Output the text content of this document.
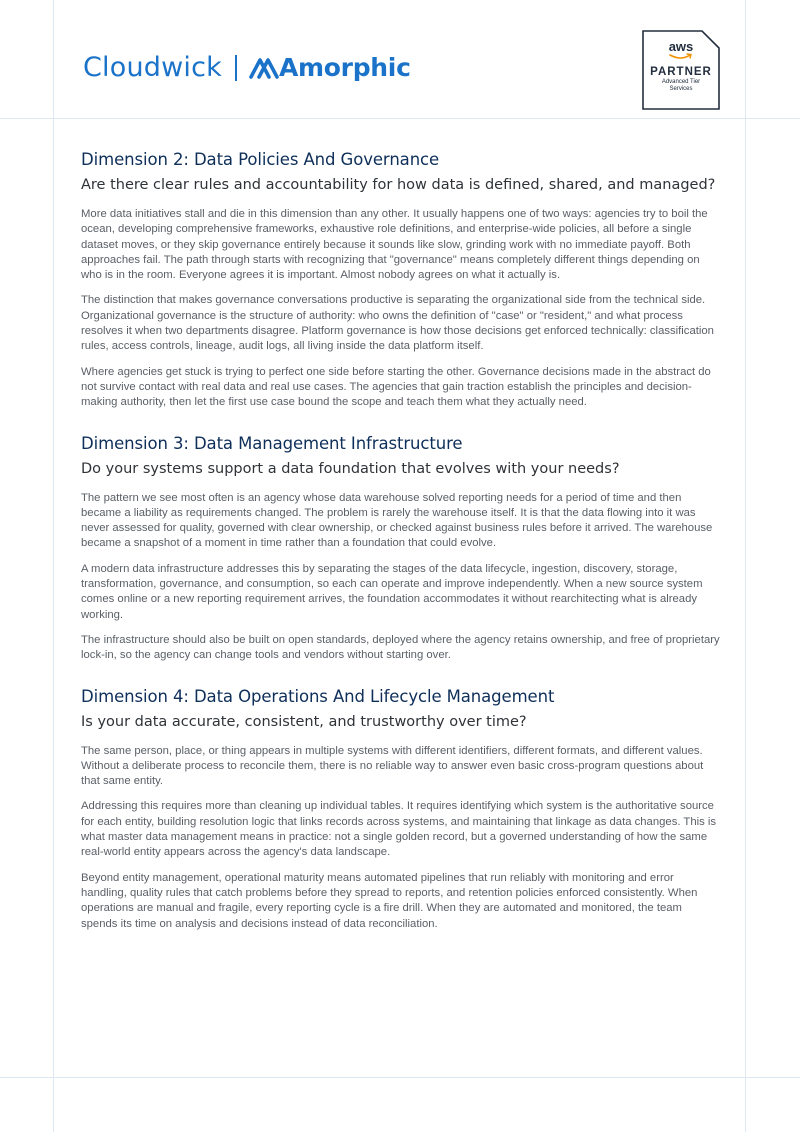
Cloudwick Amorphic
aws
PARTNER
Advanced Tier
Services
Dimension 2: Data Policies And Governance
Are there clear rules and accountability for how data is defined, shared, and managed?

More data initiatives stall and die in this dimension than any other. It usually happens one of two ways: agencies try to boil the ocean, developing comprehensive frameworks, exhaustive role definitions, and enterprise-wide policies, all before a single dataset moves, or they skip governance entirely because it sounds like slow, grinding work with no immediate payoff. Both approaches fail. The path through starts with recognizing that "governance" means completely different things depending on who is in the room. Everyone agrees it is important. Almost nobody agrees on what it actually is.

The distinction that makes governance conversations productive is separating the organizational side from the technical side. Organizational governance is the structure of authority: who owns the definition of "case" or "resident," and what process resolves it when two departments disagree. Platform governance is how those decisions get enforced technically: classification rules, access controls, lineage, audit logs, all living inside the data platform itself.

Where agencies get stuck is trying to perfect one side before starting the other. Governance decisions made in the abstract do not survive contact with real data and real use cases. The agencies that gain traction establish the principles and decision-making authority, then let the first use case bound the scope and teach them what they actually need.

Dimension 3: Data Management Infrastructure
Do your systems support a data foundation that evolves with your needs?

The pattern we see most often is an agency whose data warehouse solved reporting needs for a period of time and then became a liability as requirements changed. The problem is rarely the warehouse itself. It is that the data flowing into it was never assessed for quality, governed with clear ownership, or checked against business rules before it arrived. The warehouse became a snapshot of a moment in time rather than a foundation that could evolve.

A modern data infrastructure addresses this by separating the stages of the data lifecycle, ingestion, discovery, storage, transformation, governance, and consumption, so each can operate and improve independently. When a new source system comes online or a new reporting requirement arrives, the foundation accommodates it without rearchitecting what is already working.

The infrastructure should also be built on open standards, deployed where the agency retains ownership, and free of proprietary lock-in, so the agency can change tools and vendors without starting over.

Dimension 4: Data Operations And Lifecycle Management
Is your data accurate, consistent, and trustworthy over time?

The same person, place, or thing appears in multiple systems with different identifiers, different formats, and different values. Without a deliberate process to reconcile them, there is no reliable way to answer even basic cross-program questions about that same entity.

Addressing this requires more than cleaning up individual tables. It requires identifying which system is the authoritative source for each entity, building resolution logic that links records across systems, and maintaining that linkage as data changes. This is what master data management means in practice: not a single golden record, but a governed understanding of how the same real-world entity appears across the agency's data landscape.

Beyond entity management, operational maturity means automated pipelines that run reliably with monitoring and error handling, quality rules that catch problems before they spread to reports, and retention policies enforced consistently. When operations are manual and fragile, every reporting cycle is a fire drill. When they are automated and monitored, the team spends its time on analysis and decisions instead of data reconciliation.
